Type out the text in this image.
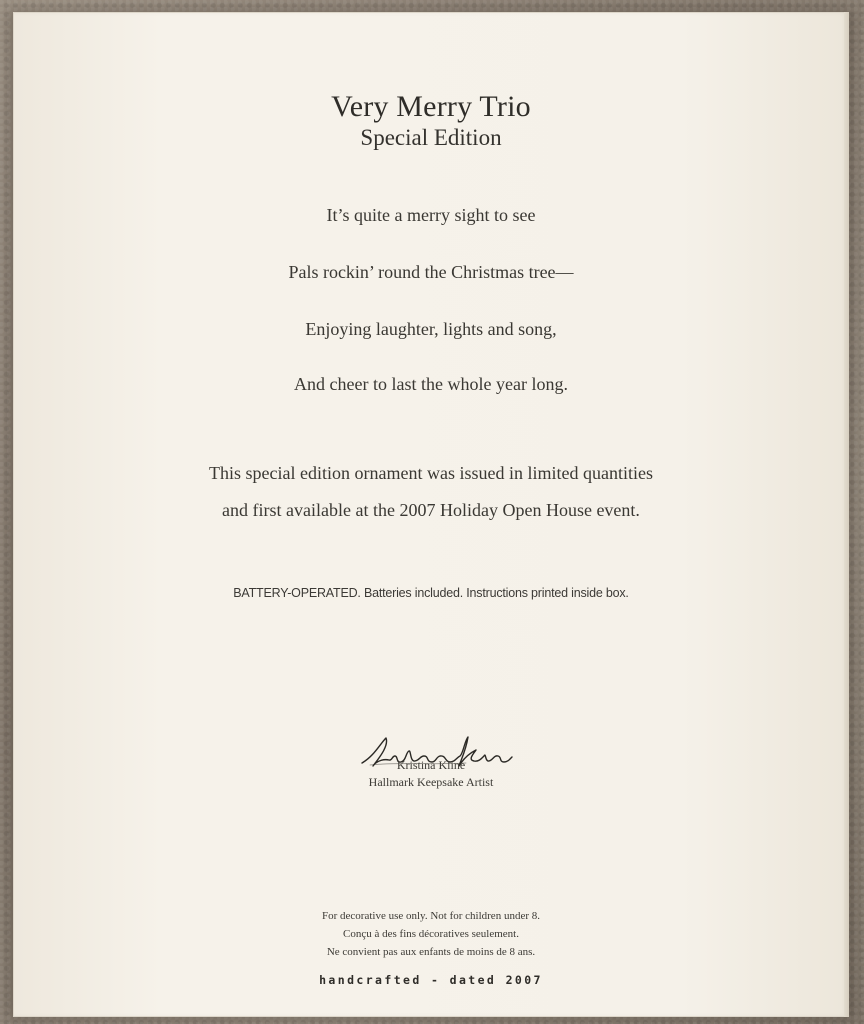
Very Merry Trio
Special Edition
It’s quite a merry sight to see
Pals rockin’ round the Christmas tree—
Enjoying laughter, lights and song,
And cheer to last the whole year long.
This special edition ornament was issued in limited quantities
and first available at the 2007 Holiday Open House event.
BATTERY-OPERATED. Batteries included. Instructions printed inside box.
Kristina Kline
Hallmark Keepsake Artist
For decorative use only. Not for children under 8.
Conçu à des fins décoratives seulement.
Ne convient pas aux enfants de moins de 8 ans.
handcrafted - dated 2007
